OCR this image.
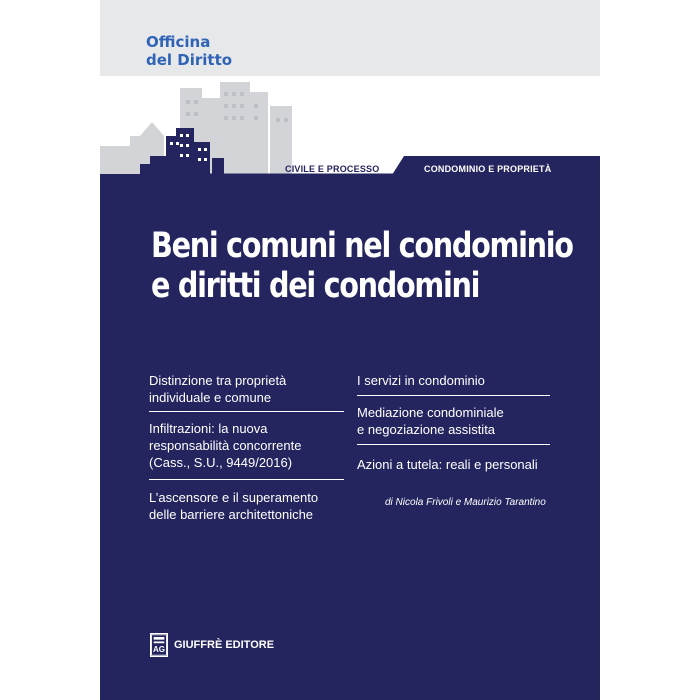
Officina
del Diritto
CIVILE E PROCESSO	CONDOMINIO E PROPRIETÀ
Beni comuni nel condominio
e diritti dei condomini
Distinzione tra proprietà
individuale e comune
Infiltrazioni: la nuova
responsabilità concorrente
(Cass., S.U., 9449/2016)
L’ascensore e il superamento
delle barriere architettoniche
I servizi in condominio
Mediazione condominiale
e negoziazione assistita
Azioni a tutela: reali e personali
di Nicola Frivoli e Maurizio Tarantino
AG GIUFFRÈ EDITORE
